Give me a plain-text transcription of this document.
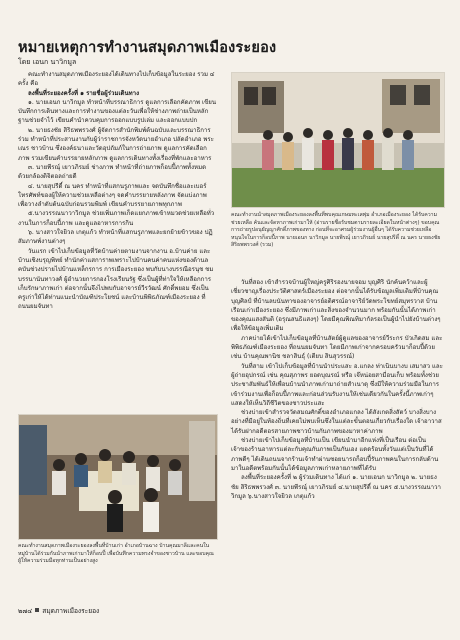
หมายเหตุการทำงานสมุดภาพเมืองระยอง
โดย เอนก นาวิกมูล

คณะทำงานสมุดภาพเมืองระยองได้เดินทางไปเก็บข้อมูลในระยอง รวม ๔ ครั้ง คือ

ลงพื้นที่ระยองครั้งที่ ๑ รายชื่อผู้ร่วมเดินทาง

๑. นายเอนก นาวิกมูล ทำหน้าที่บรรณาธิการ ดูแลการเลือกคัดภาพ เขียนบันทึกการเดินทางและการทำงานของแต่ละวันเพื่อให้ช่างภาพถ่ายเป็นหลักฐานช่วยจำไว้ เขียนคำนำควบคุมการออกแบบรูปเล่ม และออกแบบปก

๒. นายธงชัย สิริธพพรวงศ์ ผู้จัดการสำนักพิมพ์ต้นฉบับและบรรณาธิการร่วม ทำหน้าที่ประสานงานกับผู้ว่าราชการจังหวัดนายอำเภอ ปลัดอำเภอ พระเณร ชาวบ้าน ซึ่งองค์ธนาและวัดอุปถัมภ์ในการถ่ายภาพ ดูแลการคัดเลือกภาพ รวมเขียนคำบรรยายหลักภาพ ดูแลการเดินทางทั้งเรื่องที่พักและอาหาร

๓. นายพีรณุ์ เยาวภิรมย์ ช่างภาพ ทำหน้าที่ถ่ายภาพก็อบปี้ภาพทั้งหมดด้วยกล้องดิจิตอลถ่ายดี

๔. นายสุปรีดี์ ณ นคร ทำหน้าที่แสกนรูภาพและ จดบันทึกชื่อและเบอร์โทรศัพท์ของผู้ให้ความช่วยเหลือต่างๆ จดคำบรรยายหลังภาพ จัดแบ่งภาพเพื่อวางลำดับต้นฉบับก่อนรวมพิมพ์ เขียนคำบรรยายภาพทุกภาพ

๕.นางวรรณนาวาวิกมูล ช่วยเพิ่มภาพเก็ดแยกภาพเข้าหมวดช่วยเหลือทั่วงานในการก็อบปี้ภาพ และดูแลอาหารการกิน

๖. นางสาวใจยิวล เกตุแก้ว ทำหน้าที่แสกนรูภาพและยกย้ายข้าวของ ปฏิสัมภาษพ์งานต่างๆ

วันแรก เข้าไปเก็บข้อมูลที่วัดบ้านค่ายตามงานจากงาน อ.บ้านค่าย และบ้านเชิงบรุญพิทย์ ทำนักค่าแสการาพเพราะไปบ้านคนค่าคนแห่งของด้านลคบันช่วงปรายไปบ้านแหล็กรการ การเมืองระยอง พบกับนางบรรณีอรนุช ชมบรรนานันทาวงศ์ ผู้อำนวยการกองโรงเรียนรัฐ ซึ่งเป็นผู้ที่ท่าใจให้เหลือกการเก็บรักษาภาพเก่า ต่อจากนั้นจึงไปพบกับอาจารย์วีรวัฒน์ ศักดิ์พยอม ซึ่งเป็นครูเก่าให้ได้ท่านแนะนำบัณฑิประโยชน์ และบ้านพิพิธภัณฑ์เมืองระยอง ที่ถนนยมจันทา

คณะทำงานนำสมุดภาพเมืองระยองลงพื้นที่พบคุณเกษมทะเลพุ่ม อำเภอเมืองระยอง ได้รับความช่วยเหลือ ค้นและจัดหาภาพเก่ามาให้ (อ่านรายชื่อรับชมตามรายละเอียดในหน้าต่างๆ) ขอบคุณการถ่ายรูปอนุยัญญาศักดิ์ภาพของทาง ก่อนที่จะอาศรมผู้ร่วมงานผู้อื่นๆ ได้รับความช่วยเหลือ หนุนใจในการก็อบปี้ภาพ นายเอนก นาวิกมูล นายพีรณุ์ เยาวภิรมย์ นายสุปรีดี์ ณ นคร นายธงชัย สิริธพพรวงศ์ (รวม)

วันที่สอง เข้าสำรวจบ้านผู้ใหญ่ครูศิริรองนายจอม บุญศิริ นักค้นคว้าและผู้เชี่ยวชาญเรื่องประวัติศาสตร์เมืองระยอง ต่อจากนั้นได้รับข้อมูลเพิ่มเติมที่บ้านคุณบุญศิลป์ ที่บ้านลบนันทาของอาจารย์อดิศรณ์อาจาริย์วัดพระโขทย์สมุทรวาส บ้านเรือนเก่าเมืองระยอง ซึ่งมีภาพเก่าและสิ่งของจำนวนมาก พร้อมกันนั้นได้ภาพเก่าของคุณแสงสันติ (อรุณสนธิแสงๆ) โดยมีคุณพิณทิมากัลรอเป็นผู้นำไปยังบ้านต่างๆ เพื่อให้ข้อมูลเพิ่มเติม

ภาคบ่ายได้เข้าไปเก็บข้อมูลที่บ้านสัตย์ผู้ดูแลของอาจารย์วีระกร บัวเกิดสม และพิพิธภัณฑ์เมืองระยอง ที่ถนนยมจันทา โดยมีภาพเก่าจากครอบครัวมาก็อบปี้ด้วย เช่น บ้านคุณพานิช ชลาสินธุ์ (เตียบ สินสุวรรณ์)

วันที่สาม เข้าไปเก็บข้อมูลที่บ้านนำประแสะ อ.แกลง ท่าเนินบางบ เสมาสว และผู้ถ่ายอุปกรณ์ เช่น คุณสุภาพร ยอดบุณรณ์ หรือ เจ๊หน่อยสามี่อนเก็บ พร้อมทั้งช่วยประชาสัมพันธ์ให้เพื่อนบ้านนำภาพเก่ามาถ่ายสำเนาดุ ซึ่งมีให้ความร่วมมือในการเข้าร่วมงานเพื่อก็อบปี้ภาพและก่อนส่วนรับงานให้เช่นเดียวกันในครั้งนี้ภาพเก่าๆ แสดงให้เห็นวิถีชีวิตของชาวประแสะ

ช่วงบ่ายเข้าสำรวจวัดสมณศักดิ์ของอำเภอแกลง ได้สังเกตสิ่งสัตว์ บางสิ่งบางอย่างที่มีอยู่ในท้องถิ่นที่เคยไม่พบเห็นซึ่งในแต่ละขั้นตอนเกี่ยวกับเรื่องใด เจ้าอาวาสได้รับฝากอดีตอรสายภาพชาวบ้านกับภาพของมาหาค่าภาพ

ช่วงบ่ายเข้าไปเก็บข้อมูลที่บ้านเป็น เขียนนำมาอีกแห่งที่เป็นเรือน ต่อเป็นเจ้าของร้านอาหารแต่ละกับคุณกับภาพเป็นกันเอง แดดร้อนทั้งวันแต่เป็นวันที่ได้ภาพดีๆ ได้เดินถนนจากร้านเจ้าทำผ่านซอยนารถก็อบปี้รับภาพคนในการกลับด้านมาในอดีตพร้อมกันนั้นได้ข้อมูลภาพเก่าหลายภาพที่ได้รับ

ลงพื้นที่ระยองครั้งที่ ๒ ผู้ร่วมเดินทาง ได้แก่ ๑. นายเอนก นาวิกมูล ๒. นายธงชัย สิริธพพรวงศ์ ๓. นายพีรณุ์ เยาวภิรมย์ ๔.นายสุปรีดี์ ณ นคร ๕.นางวรรณนาวาวิกมูล ๖.นางสาวใจยิวล เกตุแก้ว

คณะทำงานสมุดภาพเมืองระยองลงพื้นที่บ้านเก่า อำเภอบ้านฉาง บ้านคุณมาลีและคนในหมู่บ้านได้ร่วมกันนำภาพเก่ามาให้ก็อบปี้ เพื่อบันทึกความทรงจำของชาวบ้าน และขอบคุณผู้ให้ความร่วมมือทุกท่านเป็นอย่างสูง
๒๗๔ สมุดภาพเมืองระยอง
